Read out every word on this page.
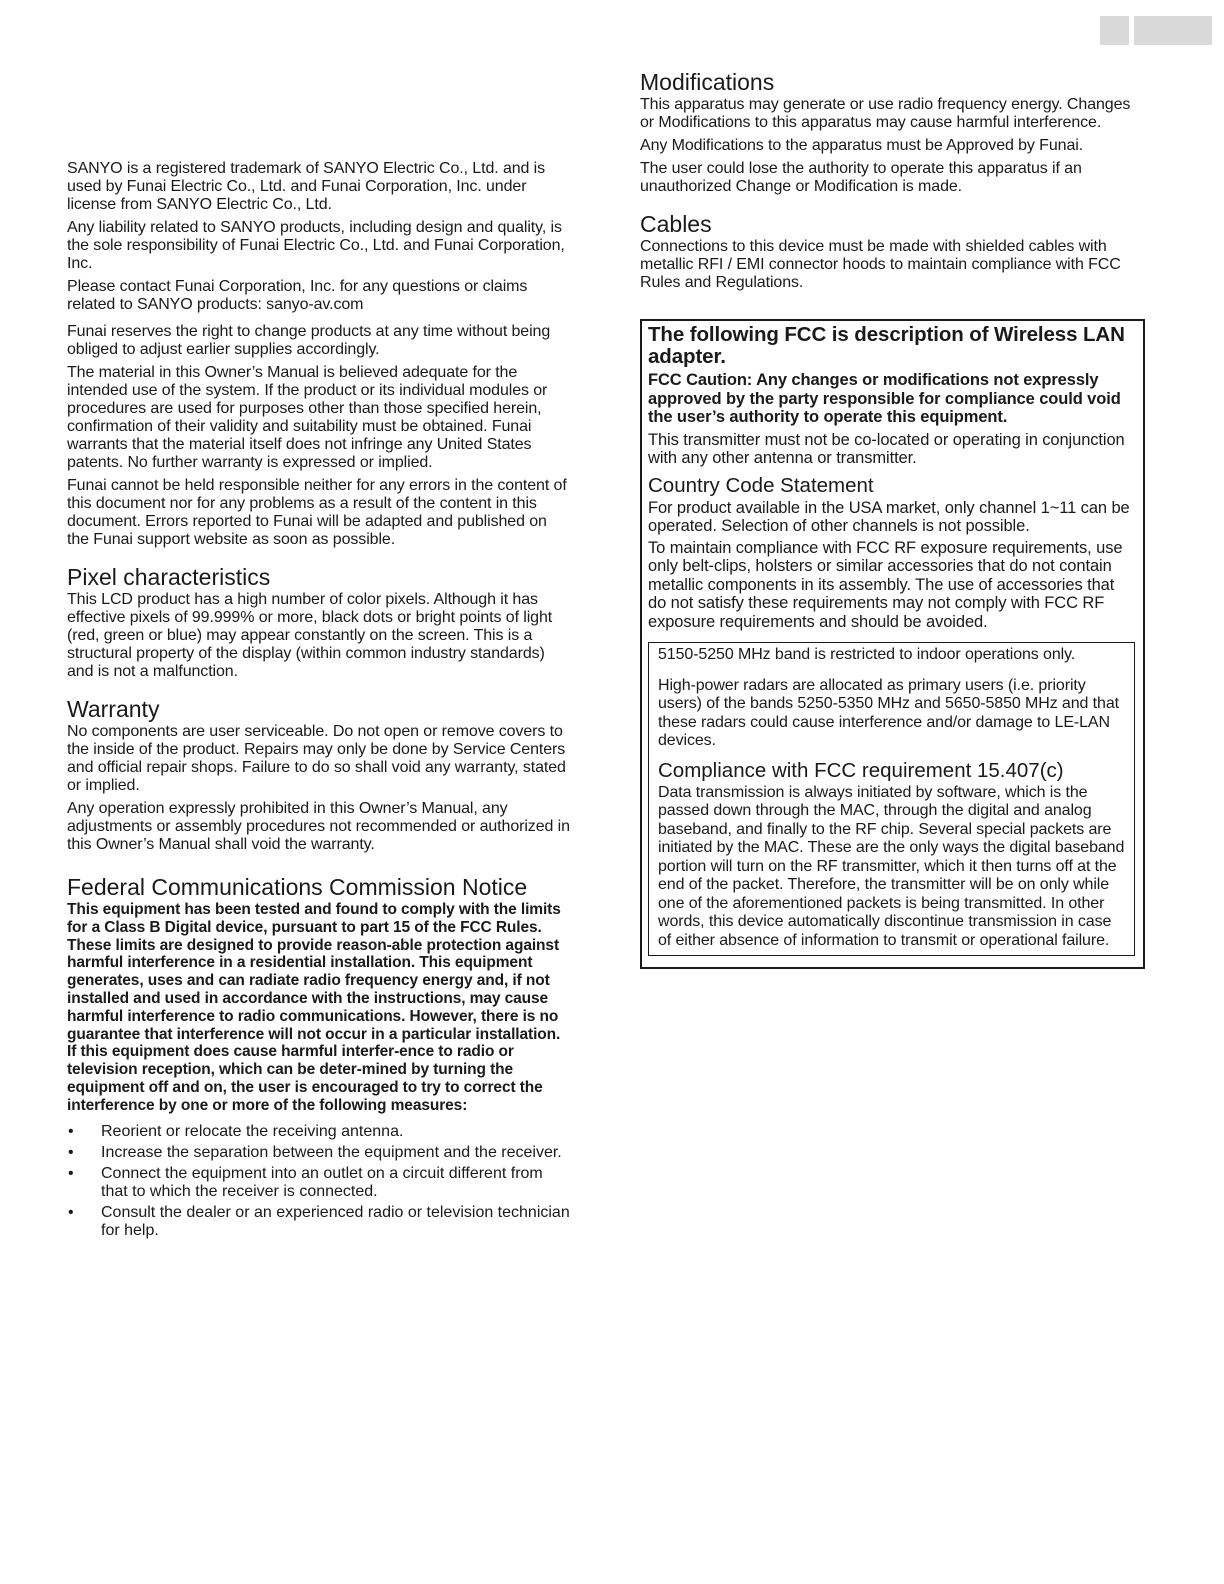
SANYO is a registered trademark of SANYO Electric Co., Ltd. and is used by Funai Electric Co., Ltd. and Funai Corporation, Inc. under license from SANYO Electric Co., Ltd.

Any liability related to SANYO products, including design and quality, is the sole responsibility of Funai Electric Co., Ltd. and Funai Corporation, Inc.

Please contact Funai Corporation, Inc. for any questions or claims related to SANYO products: sanyo-av.com

Funai reserves the right to change products at any time without being obliged to adjust earlier supplies accordingly.

The material in this Owner’s Manual is believed adequate for the intended use of the system. If the product or its individual modules or procedures are used for purposes other than those specified herein, confirmation of their validity and suitability must be obtained. Funai warrants that the material itself does not infringe any United States patents. No further warranty is expressed or implied.

Funai cannot be held responsible neither for any errors in the content of this document nor for any problems as a result of the content in this document. Errors reported to Funai will be adapted and published on the Funai support website as soon as possible.

Pixel characteristics

This LCD product has a high number of color pixels. Although it has effective pixels of 99.999% or more, black dots or bright points of light (red, green or blue) may appear constantly on the screen. This is a structural property of the display (within common industry standards) and is not a malfunction.

Warranty

No components are user serviceable. Do not open or remove covers to the inside of the product. Repairs may only be done by Service Centers and official repair shops. Failure to do so shall void any warranty, stated or implied.

Any operation expressly prohibited in this Owner’s Manual, any adjustments or assembly procedures not recommended or authorized in this Owner’s Manual shall void the warranty.

Federal Communications Commission Notice

This equipment has been tested and found to comply with the limits for a Class B Digital device, pursuant to part 15 of the FCC Rules. These limits are designed to provide reason-able protection against harmful interference in a residential installation. This equipment generates, uses and can radiate radio frequency energy and, if not installed and used in accordance with the instructions, may cause harmful interference to radio communications. However, there is no guarantee that interference will not occur in a particular installation. If this equipment does cause harmful interfer-ence to radio or television reception, which can be deter-mined by turning the equipment off and on, the user is encouraged to try to correct the interference by one or more of the following measures:

• Reorient or relocate the receiving antenna.
• Increase the separation between the equipment and the receiver.
• Connect the equipment into an outlet on a circuit different from that to which the receiver is connected.
• Consult the dealer or an experienced radio or television technician for help.
Modifications

This apparatus may generate or use radio frequency energy. Changes or Modifications to this apparatus may cause harmful interference.

Any Modifications to the apparatus must be Approved by Funai.

The user could lose the authority to operate this apparatus if an unauthorized Change or Modification is made.

Cables

Connections to this device must be made with shielded cables with metallic RFI / EMI connector hoods to maintain compliance with FCC Rules and Regulations.

The following FCC is description of Wireless LAN adapter.

FCC Caution: Any changes or modifications not expressly approved by the party responsible for compliance could void the user’s authority to operate this equipment.

This transmitter must not be co-located or operating in conjunction with any other antenna or transmitter.

Country Code Statement

For product available in the USA market, only channel 1~11 can be operated. Selection of other channels is not possible.

To maintain compliance with FCC RF exposure requirements, use only belt-clips, holsters or similar accessories that do not contain metallic components in its assembly. The use of accessories that do not satisfy these requirements may not comply with FCC RF exposure requirements and should be avoided.

5150-5250 MHz band is restricted to indoor operations only.

High-power radars are allocated as primary users (i.e. priority users) of the bands 5250-5350 MHz and 5650-5850 MHz and that these radars could cause interference and/or damage to LE-LAN devices.

Compliance with FCC requirement 15.407(c)

Data transmission is always initiated by software, which is the passed down through the MAC, through the digital and analog baseband, and finally to the RF chip. Several special packets are initiated by the MAC. These are the only ways the digital baseband portion will turn on the RF transmitter, which it then turns off at the end of the packet. Therefore, the transmitter will be on only while one of the aforementioned packets is being transmitted. In other words, this device automatically discontinue transmission in case of either absence of information to transmit or operational failure.
